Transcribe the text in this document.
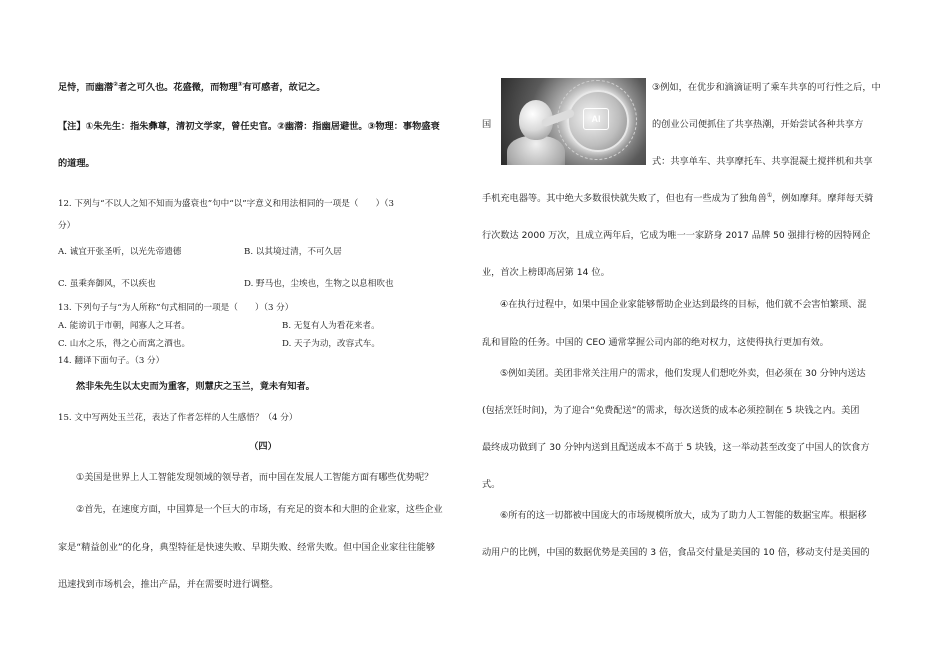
足恃，而幽潜②者之可久也。花盛微，而物理③有可感者，故记之。
【注】①朱先生：指朱彝尊，清初文学家，曾任史官。②幽潜：指幽居避世。③物理：事物盛衰
的道理。
12. 下列与“不以人之知不知而为盛衰也”句中“以”字意义和用法相同的一项是（　　）（3
分）
A. 诚宜开张圣听，以光先帝遗德	B. 以其境过清，不可久居
C. 虽乘奔御风，不以疾也	D. 野马也，尘埃也，生物之以息相吹也
13. 下列句子与“为人所称”句式相同的一项是（　　）（3 分）
A. 能谤讥于市朝，闻寡人之耳者。	B. 无复有人为看花来者。
C. 山水之乐，得之心而寓之酒也。	D. 天子为动，改容式车。
14. 翻译下面句子。（3 分）
然非朱先生以太史而为重客，则慧庆之玉兰，竟未有知者。
15. 文中写两处玉兰花，表达了作者怎样的人生感悟？（4 分）
（四）
①美国是世界上人工智能发现领域的领导者，而中国在发展人工智能方面有哪些优势呢？
②首先，在速度方面，中国算是一个巨大的市场，有充足的资本和大胆的企业家，这些企业
家是“精益创业”的化身，典型特征是快速失败、早期失败、经常失败。但中国企业家往往能够
迅速找到市场机会，推出产品，并在需要时进行调整。
AI
③例如，在优步和滴滴证明了乘车共享的可行性之后，中
国	的创业公司便抓住了共享热潮，开始尝试各种共享方
式：共享单车、共享摩托车、共享混凝土搅拌机和共享
手机充电器等。其中绝大多数很快就失败了，但也有一些成为了独角兽①，例如摩拜。摩拜每天骑
行次数达 2000 万次，且成立两年后，它成为唯一一家跻身 2017 品牌 50 强排行榜的因特网企
业，首次上榜即高居第 14 位。
④在执行过程中，如果中国企业家能够帮助企业达到最终的目标，他们就不会害怕繁琐、混
乱和冒险的任务。中国的 CEO 通常掌握公司内部的绝对权力，这使得执行更加有效。
⑤例如美团。美团非常关注用户的需求，他们发现人们想吃外卖，但必须在 30 分钟内送达
(包括烹饪时间)，为了迎合“免费配送”的需求，每次送货的成本必须控制在 5 块钱之内。美团
最终成功做到了 30 分钟内送到且配送成本不高于 5 块钱，这一举动甚至改变了中国人的饮食方
式。
⑥所有的这一切都被中国庞大的市场规模所放大，成为了助力人工智能的数据宝库。根据移
动用户的比例，中国的数据优势是美国的 3 倍，食品交付量是美国的 10 倍，移动支付是美国的
